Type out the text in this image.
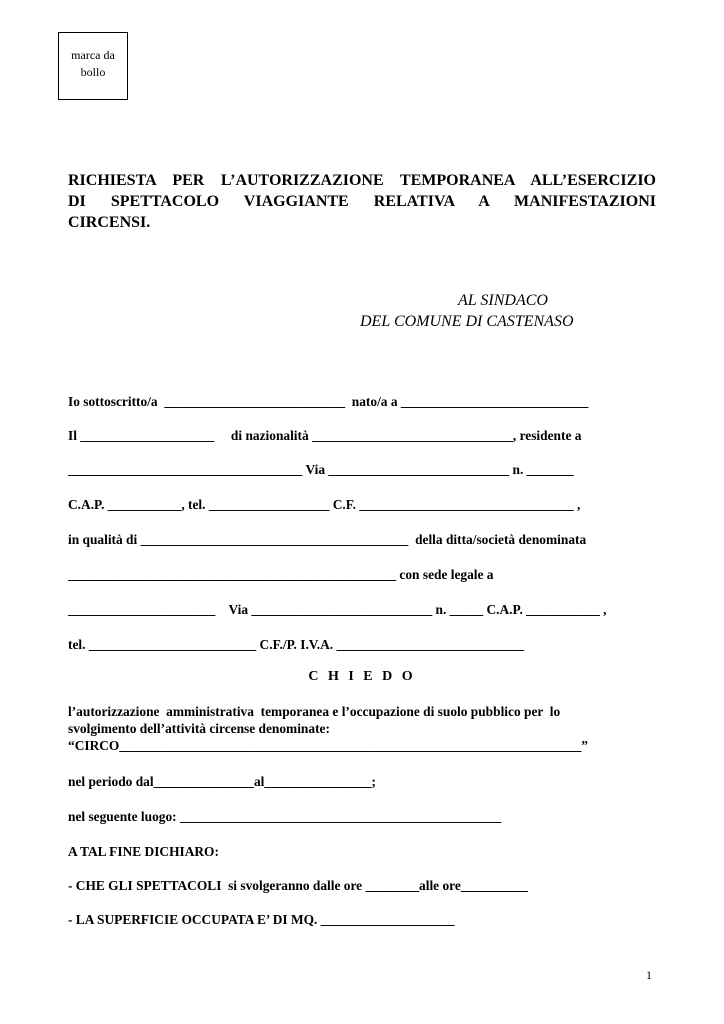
marca da
bollo
RICHIESTA PER L’AUTORIZZAZIONE TEMPORANEA ALL’ESERCIZIO
DI SPETTACOLO VIAGGIANTE RELATIVA A MANIFESTAZIONI
CIRCENSI.
AL SINDACO
DEL COMUNE DI CASTENASO
Io sottoscritto/a  ___________________________  nato/a a ____________________________
Il ____________________     di nazionalità ______________________________, residente a
___________________________________ Via ___________________________ n. _______
C.A.P. ___________, tel. __________________ C.F. ________________________________ ,
in qualità di ________________________________________  della ditta/società denominata
_________________________________________________ con sede legale a
______________________    Via ___________________________ n. _____ C.A.P. ___________ ,
tel. _________________________ C.F./P. I.V.A. ____________________________
C H I E D O
l’autorizzazione  amministrativa  temporanea e l’occupazione di suolo pubblico per  lo
svolgimento dell’attività circense denominate:
“CIRCO_____________________________________________________________________”
nel periodo dal_______________al________________;
nel seguente luogo: ________________________________________________
A TAL FINE DICHIARO:
- CHE GLI SPETTACOLI  si svolgeranno dalle ore ________alle ore__________
- LA SUPERFICIE OCCUPATA E’ DI MQ. ____________________
1
